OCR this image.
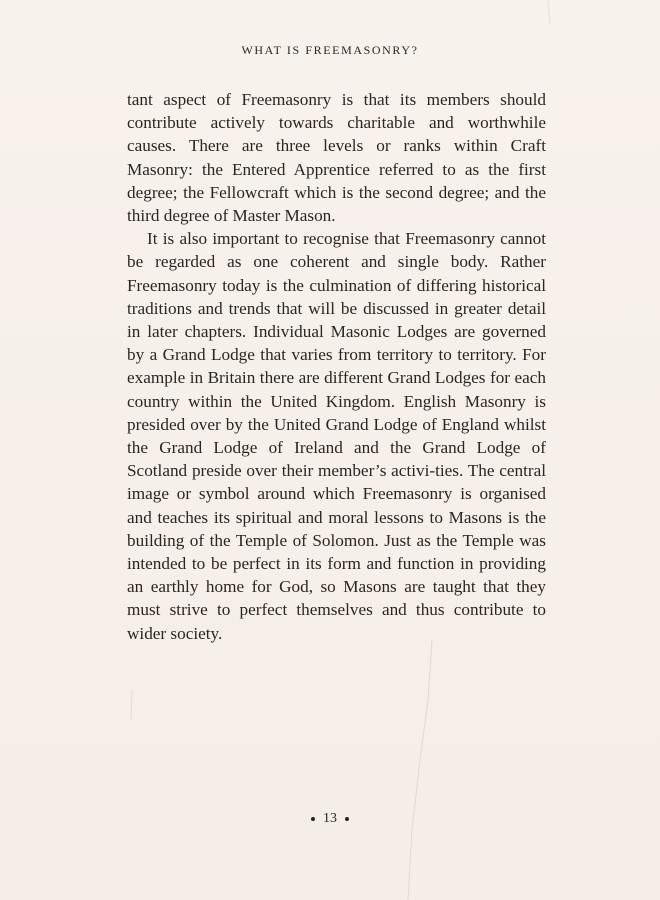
WHAT IS FREEMASONRY?

tant aspect of Freemasonry is that its members should contribute actively towards charitable and worthwhile causes. There are three levels or ranks within Craft Masonry: the Entered Apprentice referred to as the first degree; the Fellowcraft which is the second degree; and the third degree of Master Mason.

It is also important to recognise that Freemasonry cannot be regarded as one coherent and single body. Rather Freemasonry today is the culmination of differing historical traditions and trends that will be discussed in greater detail in later chapters. Individual Masonic Lodges are governed by a Grand Lodge that varies from territory to territory. For example in Britain there are different Grand Lodges for each country within the United Kingdom. English Masonry is presided over by the United Grand Lodge of England whilst the Grand Lodge of Ireland and the Grand Lodge of Scotland preside over their member’s activi-ties. The central image or symbol around which Freemasonry is organised and teaches its spiritual and moral lessons to Masons is the building of the Temple of Solomon. Just as the Temple was intended to be perfect in its form and function in providing an earthly home for God, so Masons are taught that they must strive to perfect themselves and thus contribute to wider society.

13
